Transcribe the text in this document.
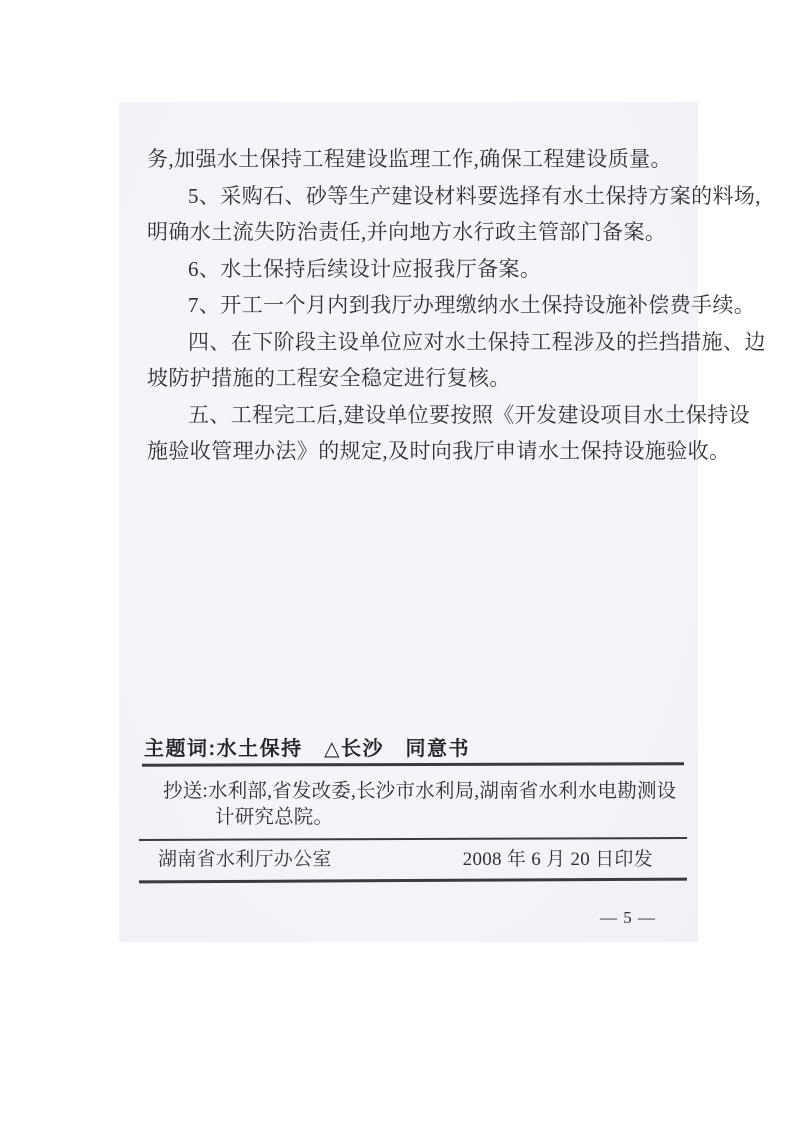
务,加强水土保持工程建设监理工作,确保工程建设质量。
5、采购石、砂等生产建设材料要选择有水土保持方案的料场,
明确水土流失防治责任,并向地方水行政主管部门备案。
6、水土保持后续设计应报我厅备案。
7、开工一个月内到我厅办理缴纳水土保持设施补偿费手续。
四、在下阶段主设单位应对水土保持工程涉及的拦挡措施、边
坡防护措施的工程安全稳定进行复核。
五、工程完工后,建设单位要按照《开发建设项目水土保持设
施验收管理办法》的规定,及时向我厅申请水土保持设施验收。
主题词:水土保持　△长沙　同意书
抄送:水利部,省发改委,长沙市水利局,湖南省水利水电勘测设
计研究总院。
湖南省水利厅办公室	2008 年 6 月 20 日印发
— 5 —
